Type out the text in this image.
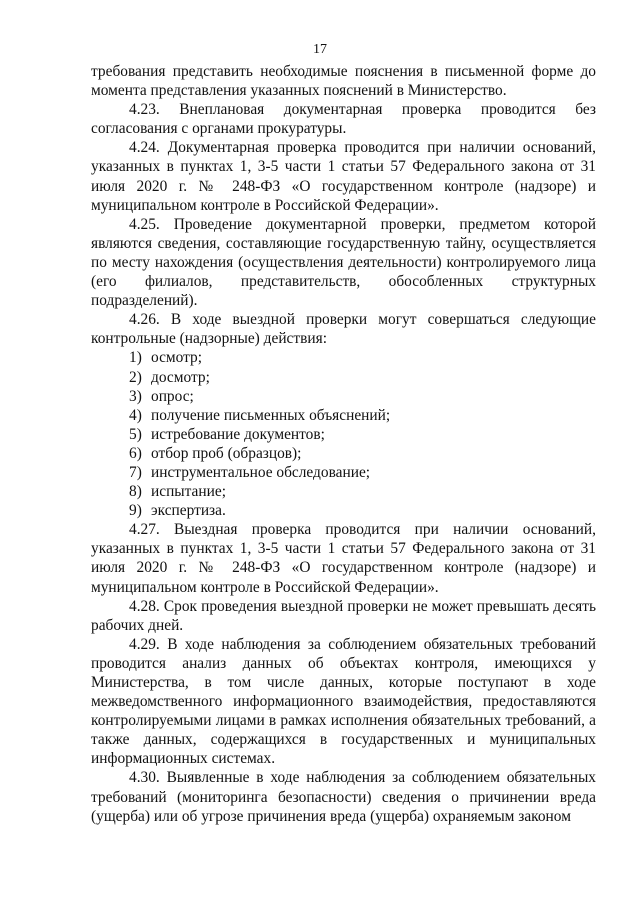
17

требования представить необходимые пояснения в письменной форме до момента представления указанных пояснений в Министерство.

4.23. Внеплановая документарная проверка проводится без согласования с органами прокуратуры.

4.24. Документарная проверка проводится при наличии оснований, указанных в пунктах 1, 3-5 части 1 статьи 57 Федерального закона от 31 июля 2020 г. № 248-ФЗ «О государственном контроле (надзоре) и муниципальном контроле в Российской Федерации».

4.25. Проведение документарной проверки, предметом которой являются сведения, составляющие государственную тайну, осуществляется по месту нахождения (осуществления деятельности) контролируемого лица (его филиалов, представительств, обособленных структурных подразделений).

4.26. В ходе выездной проверки могут совершаться следующие контрольные (надзорные) действия:

1) осмотр;
2) досмотр;
3) опрос;
4) получение письменных объяснений;
5) истребование документов;
6) отбор проб (образцов);
7) инструментальное обследование;
8) испытание;
9) экспертиза.

4.27. Выездная проверка проводится при наличии оснований, указанных в пунктах 1, 3-5 части 1 статьи 57 Федерального закона от 31 июля 2020 г. № 248-ФЗ «О государственном контроле (надзоре) и муниципальном контроле в Российской Федерации».

4.28. Срок проведения выездной проверки не может превышать десять рабочих дней.

4.29. В ходе наблюдения за соблюдением обязательных требований проводится анализ данных об объектах контроля, имеющихся у Министерства, в том числе данных, которые поступают в ходе межведомственного информационного взаимодействия, предоставляются контролируемыми лицами в рамках исполнения обязательных требований, а также данных, содержащихся в государственных и муниципальных информационных системах.

4.30. Выявленные в ходе наблюдения за соблюдением обязательных требований (мониторинга безопасности) сведения о причинении вреда (ущерба) или об угрозе причинения вреда (ущерба) охраняемым законом
